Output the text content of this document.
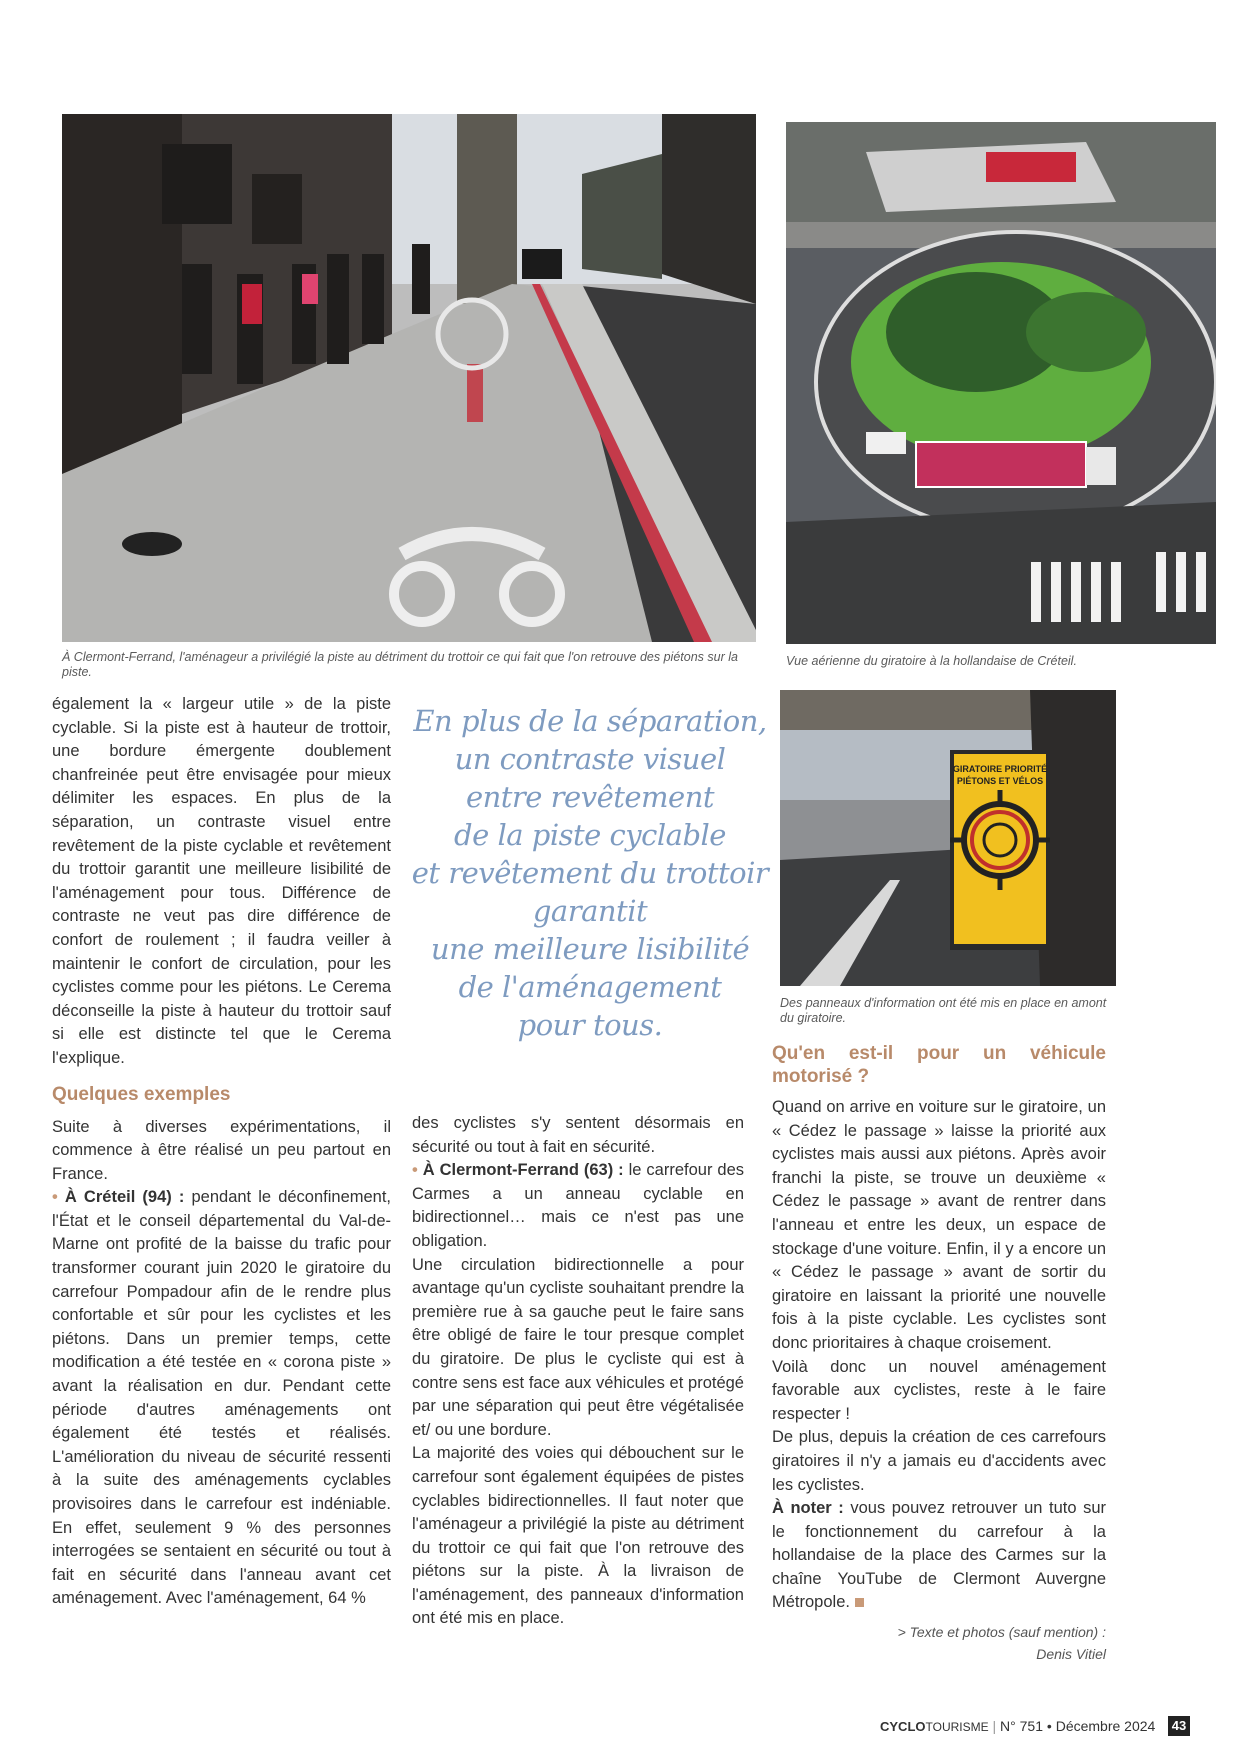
À Clermont-Ferrand, l'aménageur a privilégié la piste au détriment du trottoir ce qui fait que l'on retrouve des piétons sur la piste.
Vue aérienne du giratoire à la hollandaise de Créteil.
GIRATOIRE PRIORITÉ
PIÉTONS ET VÉLOS
Des panneaux d'information ont été mis en place en amont du giratoire.
En plus de la séparation,
un contraste visuel
entre revêtement
de la piste cyclable
et revêtement du trottoir
garantit
une meilleure lisibilité
de l'aménagement
pour tous.

également la « largeur utile » de la piste cyclable. Si la piste est à hauteur de trottoir, une bordure émergente doublement chanfreinée peut être envisagée pour mieux délimiter les espaces. En plus de la séparation, un contraste visuel entre revêtement de la piste cyclable et revêtement du trottoir garantit une meilleure lisibilité de l'aménagement pour tous. Différence de contraste ne veut pas dire différence de confort de roulement ; il faudra veiller à maintenir le confort de circulation, pour les cyclistes comme pour les piétons. Le Cerema déconseille la piste à hauteur du trottoir sauf si elle est distincte tel que le Cerema l'explique.

Quelques exemples

Suite à diverses expérimentations, il commence à être réalisé un peu partout en France.

• À Créteil (94) : pendant le déconfinement, l'État et le conseil départemental du Val-de-Marne ont profité de la baisse du trafic pour transformer courant juin 2020 le giratoire du carrefour Pompadour afin de le rendre plus confortable et sûr pour les cyclistes et les piétons. Dans un premier temps, cette modification a été testée en « corona piste » avant la réalisation en dur. Pendant cette période d'autres aménagements ont également été testés et réalisés. L'amélioration du niveau de sécurité ressenti à la suite des aménagements cyclables provisoires dans le carrefour est indéniable. En effet, seulement 9 % des personnes interrogées se sentaient en sécurité ou tout à fait en sécurité dans l'anneau avant cet aménagement. Avec l'aménagement, 64 %

des cyclistes s'y sentent désormais en sécurité ou tout à fait en sécurité.

• À Clermont-Ferrand (63) : le carrefour des Carmes a un anneau cyclable en bidirectionnel… mais ce n'est pas une obligation.

Une circulation bidirectionnelle a pour avantage qu'un cycliste souhaitant prendre la première rue à sa gauche peut le faire sans être obligé de faire le tour presque complet du giratoire. De plus le cycliste qui est à contre sens est face aux véhicules et protégé par une séparation qui peut être végétalisée et/ ou une bordure.

La majorité des voies qui débouchent sur le carrefour sont également équipées de pistes cyclables bidirectionnelles. Il faut noter que l'aménageur a privilégié la piste au détriment du trottoir ce qui fait que l'on retrouve des piétons sur la piste. À la livraison de l'aménagement, des panneaux d'information ont été mis en place.

Qu'en est-il pour un véhicule motorisé ?

Quand on arrive en voiture sur le giratoire, un « Cédez le passage » laisse la priorité aux cyclistes mais aussi aux piétons. Après avoir franchi la piste, se trouve un deuxième « Cédez le passage » avant de rentrer dans l'anneau et entre les deux, un espace de stockage d'une voiture. Enfin, il y a encore un « Cédez le passage » avant de sortir du giratoire en laissant la priorité une nouvelle fois à la piste cyclable. Les cyclistes sont donc prioritaires à chaque croisement.

Voilà donc un nouvel aménagement favorable aux cyclistes, reste à le faire respecter !

De plus, depuis la création de ces carrefours giratoires il n'y a jamais eu d'accidents avec les cyclistes.

À noter : vous pouvez retrouver un tuto sur le fonctionnement du carrefour à la hollandaise de la place des Carmes sur la chaîne YouTube de Clermont Auvergne Métropole.

> Texte et photos (sauf mention) :
Denis Vitiel
CYCLOTOURISME | N° 751 • Décembre 2024	43
